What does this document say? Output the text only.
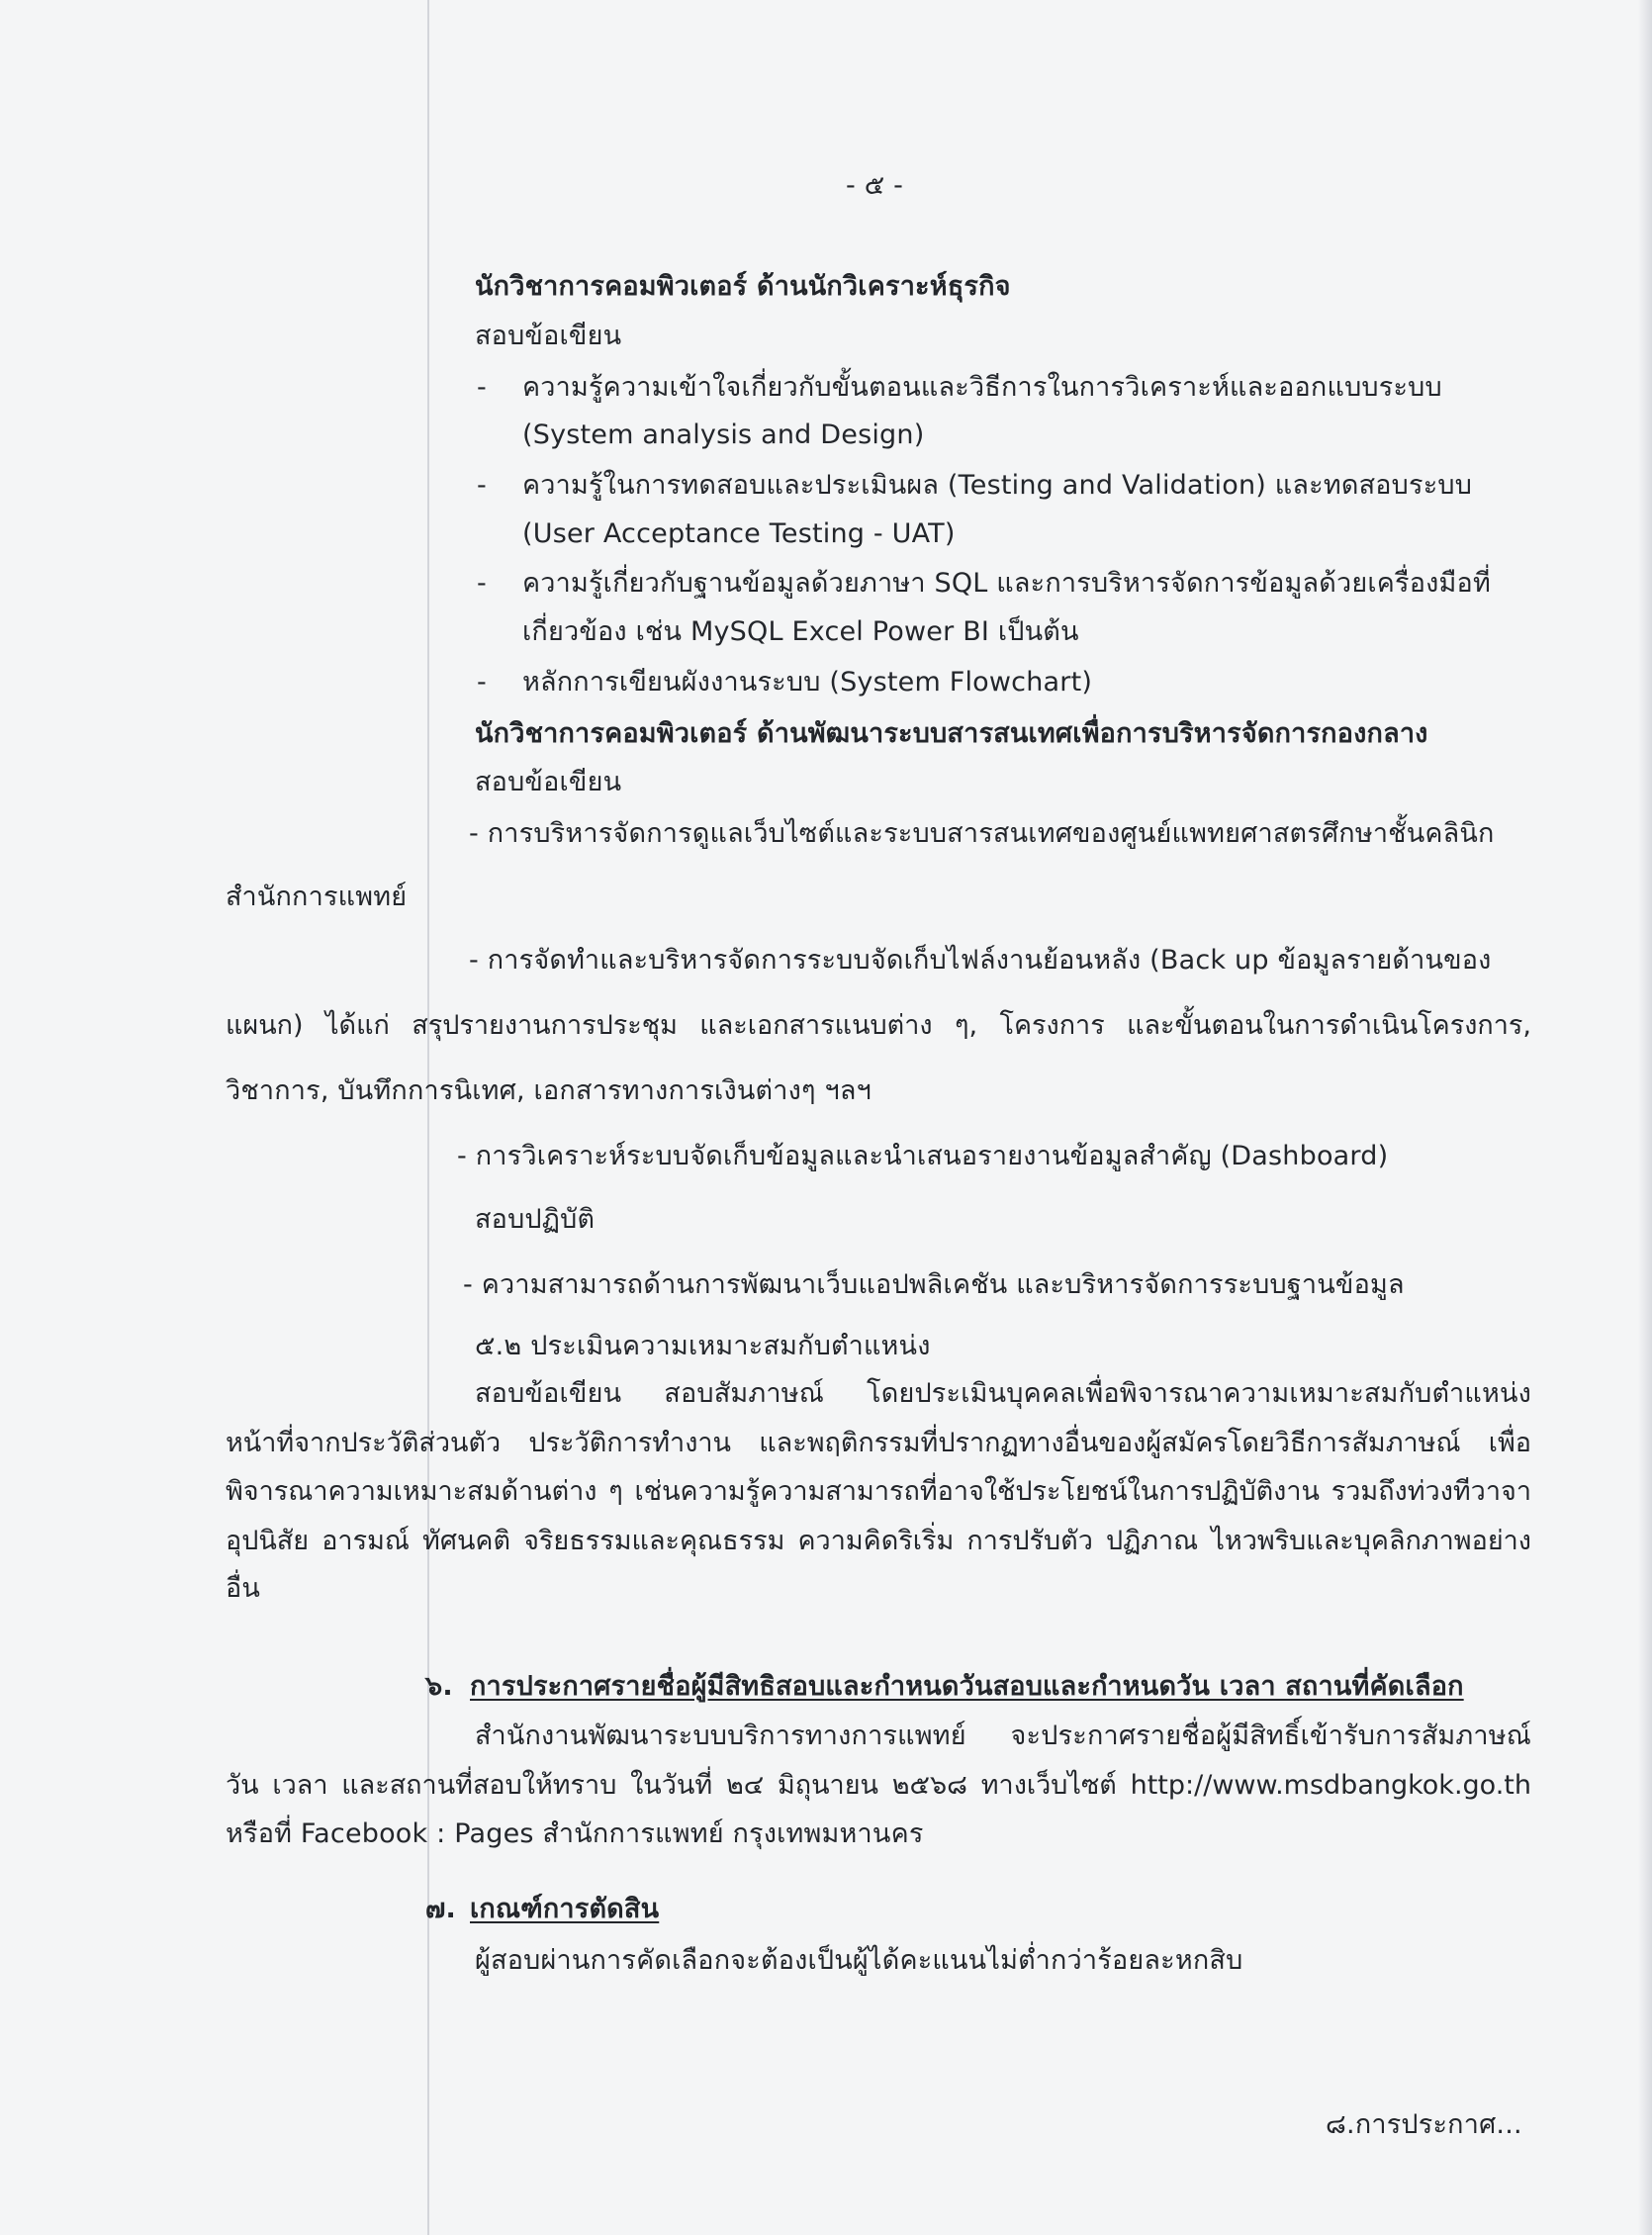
- ๕ -
นักวิชาการคอมพิวเตอร์ ด้านนักวิเคราะห์ธุรกิจ
สอบข้อเขียน
- ความรู้ความเข้าใจเกี่ยวกับขั้นตอนและวิธีการในการวิเคราะห์และออกแบบระบบ
(System analysis and Design)
- ความรู้ในการทดสอบและประเมินผล (Testing and Validation) และทดสอบระบบ
(User Acceptance Testing - UAT)
- ความรู้เกี่ยวกับฐานข้อมูลด้วยภาษา SQL และการบริหารจัดการข้อมูลด้วยเครื่องมือที่
เกี่ยวข้อง เช่น MySQL Excel Power BI เป็นต้น
- หลักการเขียนผังงานระบบ (System Flowchart)
นักวิชาการคอมพิวเตอร์ ด้านพัฒนาระบบสารสนเทศเพื่อการบริหารจัดการกองกลาง
สอบข้อเขียน
- การบริหารจัดการดูแลเว็บไซต์และระบบสารสนเทศของศูนย์แพทยศาสตรศึกษาชั้นคลินิก
สำนักการแพทย์
- การจัดทำและบริหารจัดการระบบจัดเก็บไฟล์งานย้อนหลัง (Back up ข้อมูลรายด้านของ
แผนก) ได้แก่ สรุปรายงานการประชุม และเอกสารแนบต่าง ๆ, โครงการ และขั้นตอนในการดำเนินโครงการ,
วิชาการ, บันทึกการนิเทศ, เอกสารทางการเงินต่างๆ ฯลฯ
- การวิเคราะห์ระบบจัดเก็บข้อมูลและนำเสนอรายงานข้อมูลสำคัญ (Dashboard)
สอบปฏิบัติ
- ความสามารถด้านการพัฒนาเว็บแอปพลิเคชัน และบริหารจัดการระบบฐานข้อมูล
๕.๒ ประเมินความเหมาะสมกับตำแหน่ง
สอบข้อเขียน สอบสัมภาษณ์ โดยประเมินบุคคลเพื่อพิจารณาความเหมาะสมกับตำแหน่ง
หน้าที่จากประวัติส่วนตัว ประวัติการทำงาน และพฤติกรรมที่ปรากฏทางอื่นของผู้สมัครโดยวิธีการสัมภาษณ์ เพื่อ
พิจารณาความเหมาะสมด้านต่าง ๆ เช่นความรู้ความสามารถที่อาจใช้ประโยชน์ในการปฏิบัติงาน รวมถึงท่วงทีวาจา
อุปนิสัย อารมณ์ ทัศนคติ จริยธรรมและคุณธรรม ความคิดริเริ่ม การปรับตัว ปฏิภาณ ไหวพริบและบุคลิกภาพอย่าง
อื่น
๖. การประกาศรายชื่อผู้มีสิทธิสอบและกำหนดวันสอบและกำหนดวัน เวลา สถานที่คัดเลือก
สำนักงานพัฒนาระบบบริการทางการแพทย์ จะประกาศรายชื่อผู้มีสิทธิ์เข้ารับการสัมภาษณ์
วัน เวลา และสถานที่สอบให้ทราบ ในวันที่ ๒๔ มิถุนายน ๒๕๖๘ ทางเว็บไซต์ http://www.msdbangkok.go.th
หรือที่ Facebook : Pages สำนักการแพทย์ กรุงเทพมหานคร
๗. เกณฑ์การตัดสิน
ผู้สอบผ่านการคัดเลือกจะต้องเป็นผู้ได้คะแนนไม่ต่ำกว่าร้อยละหกสิบ
๘.การประกาศ...
